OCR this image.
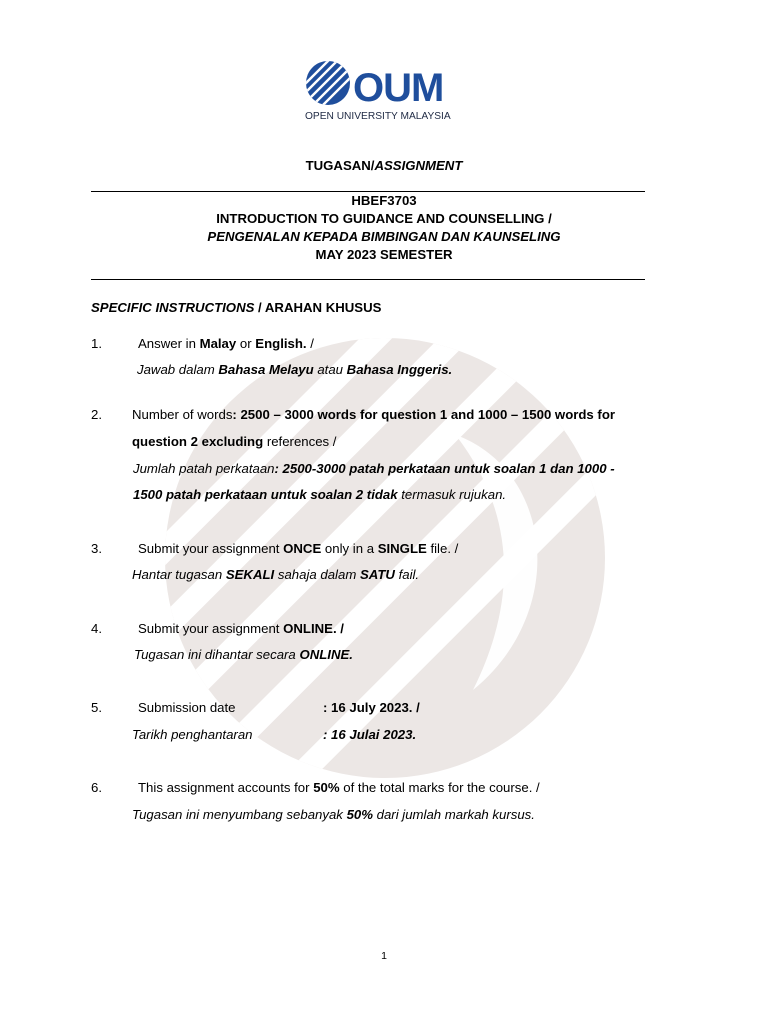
OUM
OPEN UNIVERSITY MALAYSIA
TUGASAN/ASSIGNMENT
HBEF3703
INTRODUCTION TO GUIDANCE AND COUNSELLING /
PENGENALAN KEPADA BIMBINGAN DAN KAUNSELING
MAY 2023 SEMESTER
SPECIFIC INSTRUCTIONS / ARAHAN KHUSUS
1.	Answer in Malay or English. /
Jawab dalam Bahasa Melayu atau Bahasa Inggeris.
2. Number of words: 2500 – 3000 words for question 1 and 1000 – 1500 words for
question 2 excluding references /
Jumlah patah perkataan: 2500-3000 patah perkataan untuk soalan 1 dan 1000 -
1500 patah perkataan untuk soalan 2 tidak termasuk rujukan.
3.	Submit your assignment ONCE only in a SINGLE file. /
Hantar tugasan SEKALI sahaja dalam SATU fail.
4.	Submit your assignment ONLINE. /
Tugasan ini dihantar secara ONLINE.
5.	Submission date	: 16 July 2023. /
Tarikh penghantaran	: 16 Julai 2023.
6.	This assignment accounts for 50% of the total marks for the course. /
Tugasan ini menyumbang sebanyak 50% dari jumlah markah kursus.
1
